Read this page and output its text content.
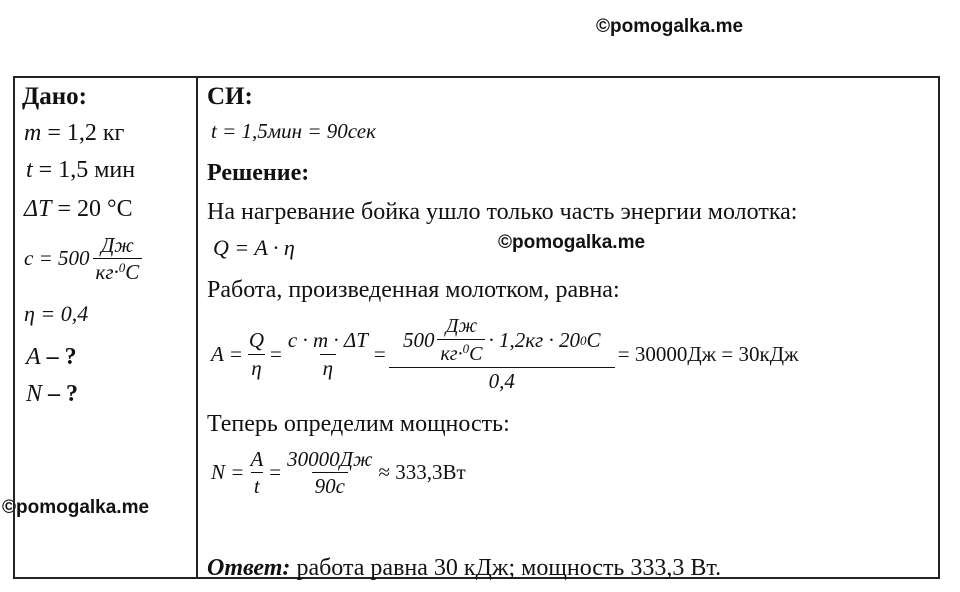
©pomogalka.me
©pomogalka.me
©pomogalka.me
Дано:
m = 1,2 кг
t = 1,5 мин
ΔT = 20 °C
$c = 500 \frac{Дж}{кг\cdot^0C}$
η = 0,4
A – ?
N – ?
СИ:
t = 1,5мин = 90сек
Решение:
На нагревание бойка ушло только часть энергии молотка:
Q = A · η
Работа, произведенная молотком, равна:
$A = \frac{Q}{\eta} = \frac{c \cdot m \cdot \Delta T}{\eta}$ =
$500 \frac{Дж}{кг\cdot^0C} \cdot 1,2кг \cdot 20$ 0 C
0,4
= 30000Дж = 30кДж
Теперь определим мощность:
$N = \frac{A}{t} = \frac{30000Дж}{90с} \approx 333,3Вт$
Ответ: работа равна 30 кДж; мощность 333,3 Вт.
